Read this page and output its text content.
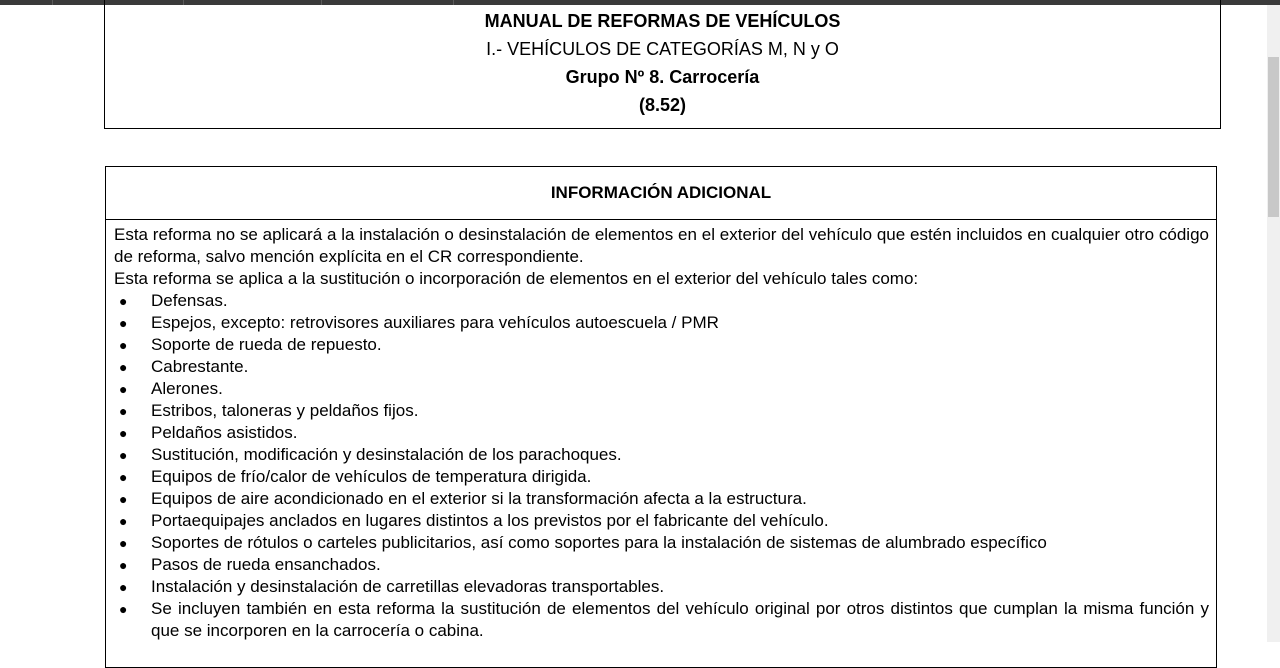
MANUAL DE REFORMAS DE VEHÍCULOS
I.- VEHÍCULOS DE CATEGORÍAS M, N y O
Grupo Nº 8. Carrocería
(8.52)
INFORMACIÓN ADICIONAL

Esta reforma no se aplicará a la instalación o desinstalación de elementos en el exterior del vehículo que estén incluidos en cualquier otro código de reforma, salvo mención explícita en el CR correspondiente.

Esta reforma se aplica a la sustitución o incorporación de elementos en el exterior del vehículo tales como:

● Defensas.
● Espejos, excepto: retrovisores auxiliares para vehículos autoescuela / PMR
● Soporte de rueda de repuesto.
● Cabrestante.
● Alerones.
● Estribos, taloneras y peldaños fijos.
● Peldaños asistidos.
● Sustitución, modificación y desinstalación de los parachoques.
● Equipos de frío/calor de vehículos de temperatura dirigida.
● Equipos de aire acondicionado en el exterior si la transformación afecta a la estructura.
● Portaequipajes anclados en lugares distintos a los previstos por el fabricante del vehículo.
● Soportes de rótulos o carteles publicitarios, así como soportes para la instalación de sistemas de alumbrado específico
● Pasos de rueda ensanchados.
● Instalación y desinstalación de carretillas elevadoras transportables.
● Se incluyen también en esta reforma la sustitución de elementos del vehículo original por otros distintos que cumplan la misma función y que se incorporen en la carrocería o cabina.
